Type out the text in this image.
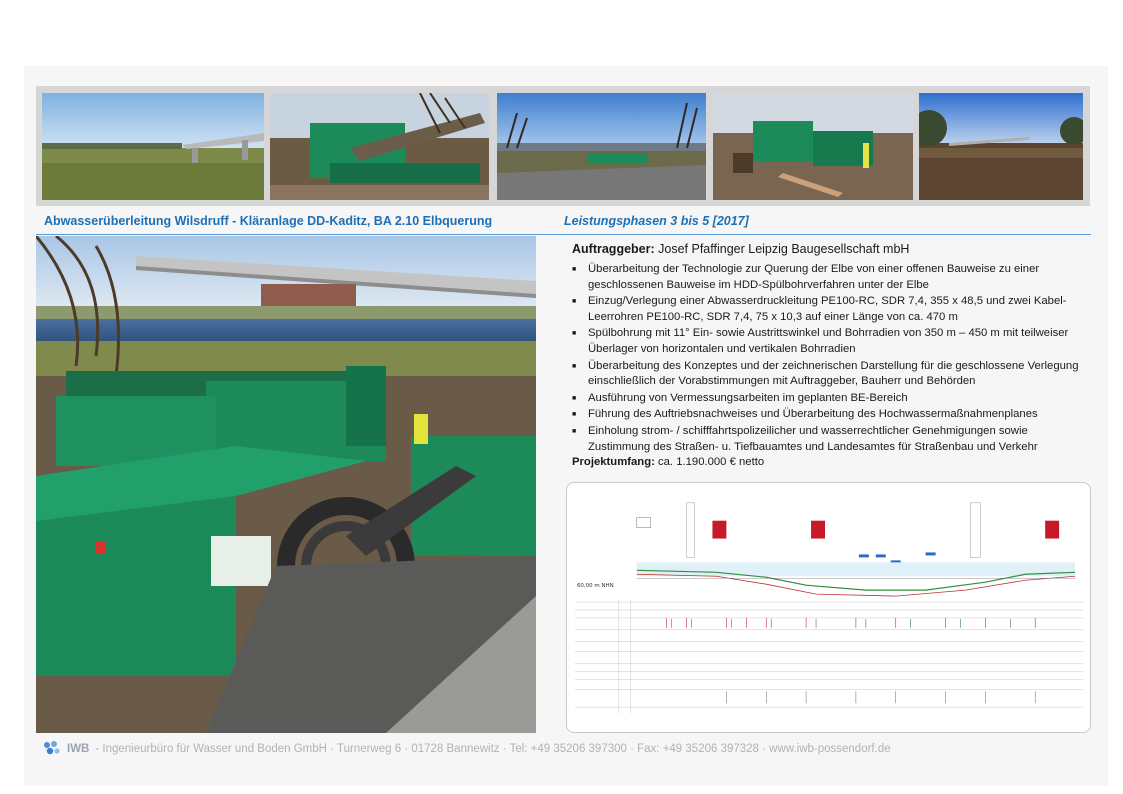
Abwasserüberleitung Wilsdruff - Kläranlage DD-Kaditz, BA 2.10 Elbquerung	Leistungsphasen 3 bis 5 [2017]

Auftraggeber: Josef Pfaffinger Leipzig Baugesellschaft mbH

■ Überarbeitung der Technologie zur Querung der Elbe von einer offenen Bauweise zu einer geschlossenen Bauweise im HDD-Spülbohrverfahren unter der Elbe
■ Einzug/Verlegung einer Abwasserdruckleitung PE100-RC, SDR 7,4, 355 x 48,5 und zwei Kabel-Leerrohren PE100-RC, SDR 7,4, 75 x 10,3 auf einer Länge von ca. 470 m
■ Spülbohrung mit 11° Ein- sowie Austrittswinkel und Bohrradien von 350 m – 450 m mit teilweiser Überlager von horizontalen und vertikalen Bohrradien
■ Überarbeitung des Konzeptes und der zeichnerischen Darstellung für die geschlossene Verlegung einschließlich der Vorabstimmungen mit Auftraggeber, Bauherr und Behörden
■ Ausführung von Vermessungsarbeiten im geplanten BE-Bereich
■ Führung des Auftriebsnachweises und Überarbeitung des Hochwassermaßnahmenplanes
■ Einholung strom- / schifffahrtspolizeilicher und wasserrechtlicher Genehmigungen sowie Zustimmung des Straßen- u. Tiefbauamtes und Landesamtes für Straßenbau und Verkehr

Projektumfang: ca. 1.190.000 € netto

60,00 m NHN
IWB - Ingenieurbüro für Wasser und Boden GmbH · Turnerweg 6 · 01728 Bannewitz · Tel: +49 35206 397300 · Fax: +49 35206 397328 · www.iwb-possendorf.de
